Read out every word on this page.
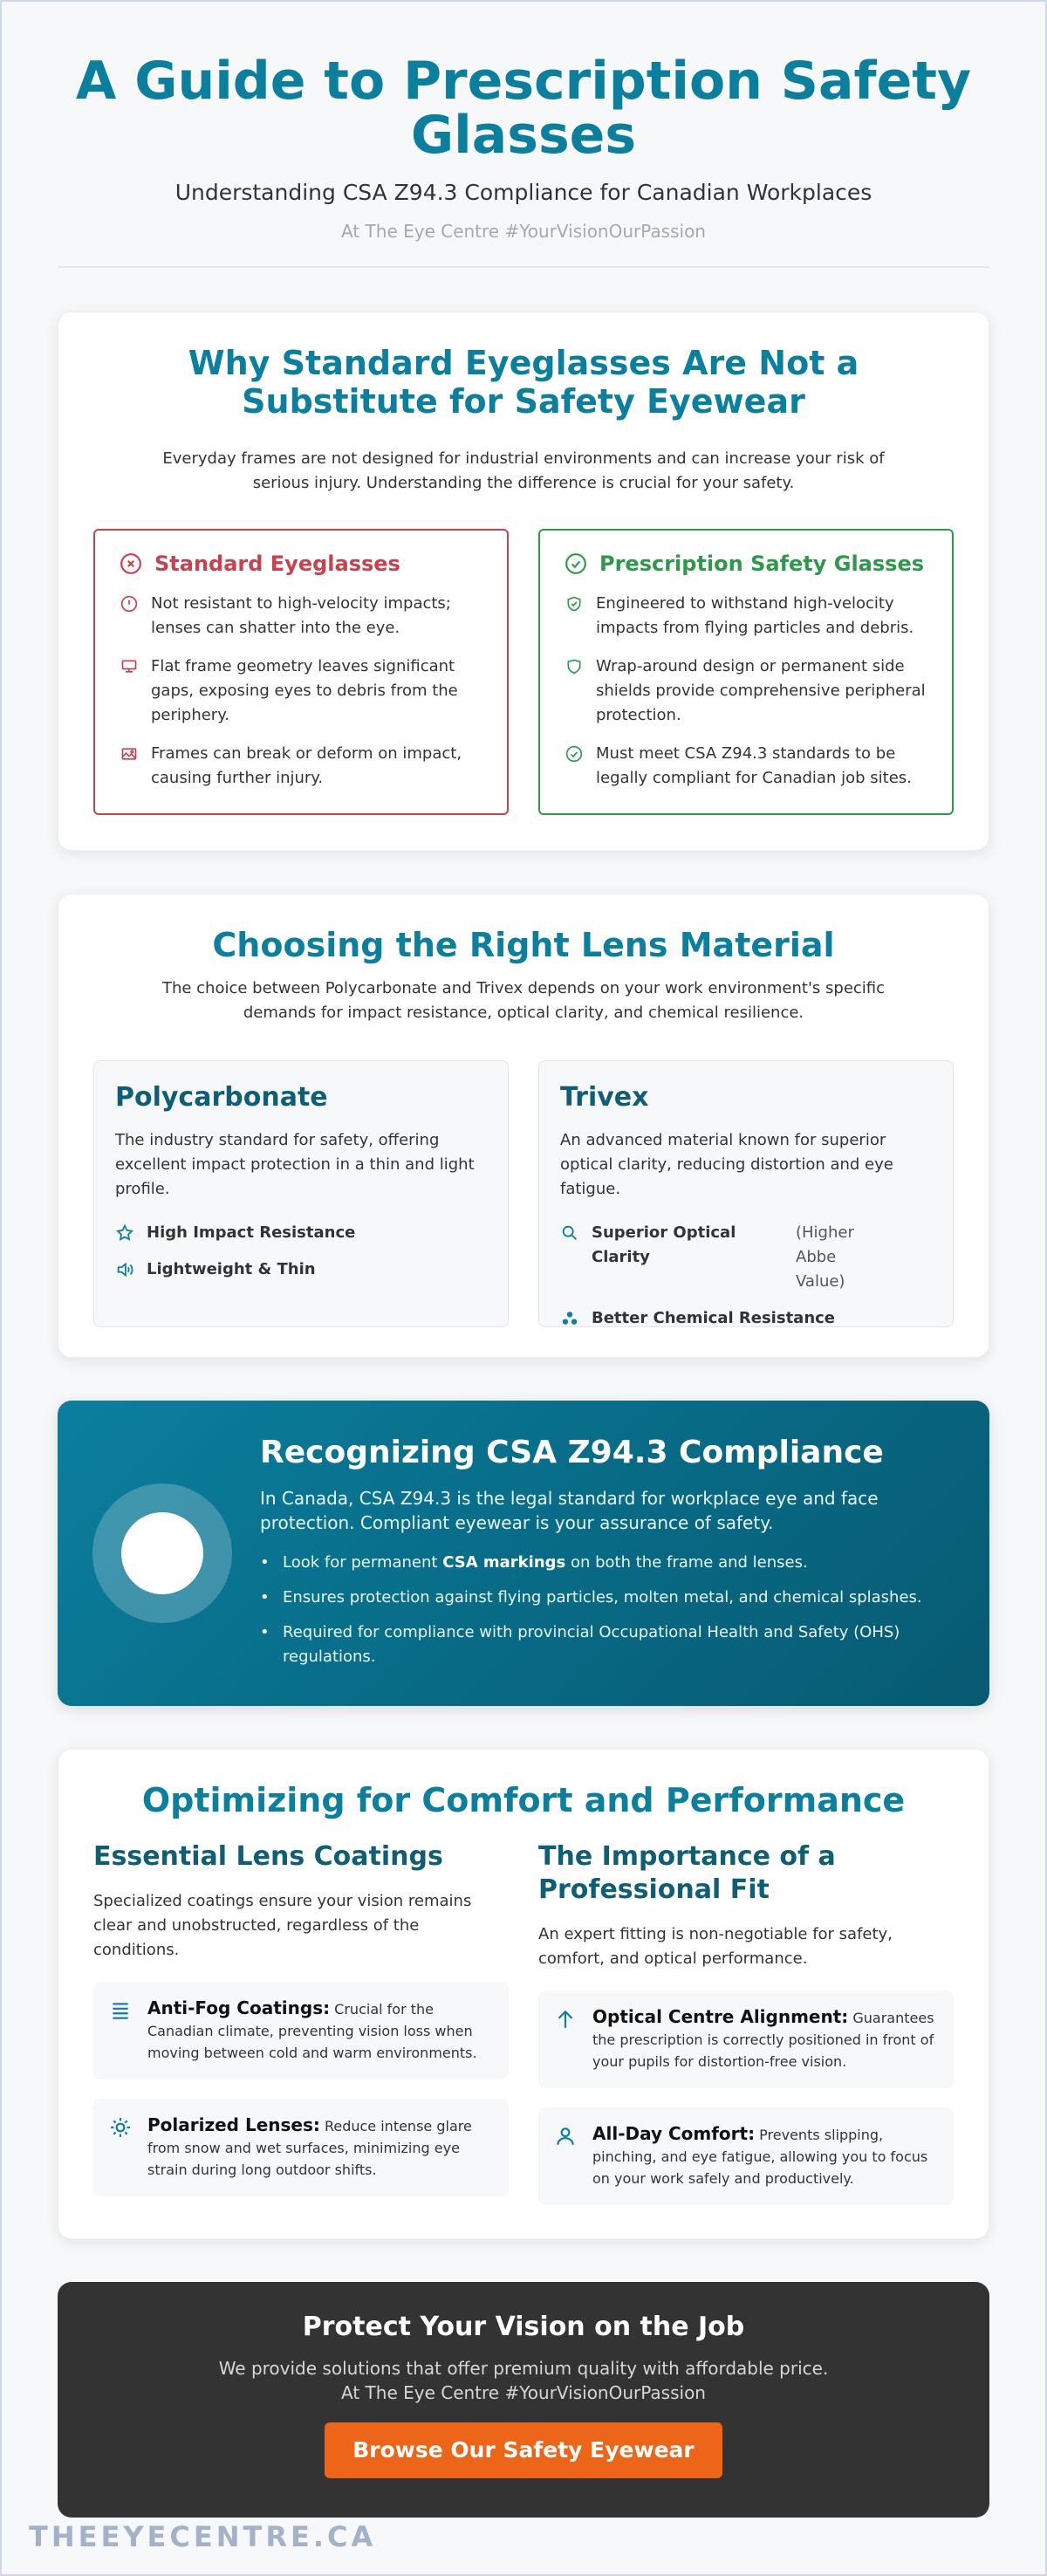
A Guide to Prescription Safety Glasses
Understanding CSA Z94.3 Compliance for Canadian Workplaces
At The Eye Centre #YourVisionOurPassion
Why Standard Eyeglasses Are Not a Substitute for Safety Eyewear

Everyday frames are not designed for industrial environments and can increase your risk of serious injury. Understanding the difference is crucial for your safety.

Standard Eyeglasses
Not resistant to high-velocity impacts; lenses can shatter into the eye.
Flat frame geometry leaves significant gaps, exposing eyes to debris from the periphery.
Frames can break or deform on impact, causing further injury.
Prescription Safety Glasses
Engineered to withstand high-velocity impacts from flying particles and debris.
Wrap-around design or permanent side shields provide comprehensive peripheral protection.
Must meet CSA Z94.3 standards to be legally compliant for Canadian job sites.
Choosing the Right Lens Material

The choice between Polycarbonate and Trivex depends on your work environment's specific demands for impact resistance, optical clarity, and chemical resilience.

Polycarbonate

The industry standard for safety, offering excellent impact protection in a thin and light profile.

High Impact Resistance
Lightweight & Thin
Trivex

An advanced material known for superior optical clarity, reducing distortion and eye fatigue.

Superior Optical Clarity
(Higher Abbe Value)
Better Chemical Resistance
Recognizing CSA Z94.3 Compliance

In Canada, CSA Z94.3 is the legal standard for workplace eye and face protection. Compliant eyewear is your assurance of safety.

• Look for permanent CSA markings on both the frame and lenses.
• Ensures protection against flying particles, molten metal, and chemical splashes.
• Required for compliance with provincial Occupational Health and Safety (OHS) regulations.
Optimizing for Comfort and Performance
Essential Lens Coatings

Specialized coatings ensure your vision remains clear and unobstructed, regardless of the conditions.

Anti-Fog Coatings: Crucial for the Canadian climate, preventing vision loss when moving between cold and warm environments.
Polarized Lenses: Reduce intense glare from snow and wet surfaces, minimizing eye strain during long outdoor shifts.
The Importance of a Professional Fit

An expert fitting is non-negotiable for safety, comfort, and optical performance.

Optical Centre Alignment: Guarantees the prescription is correctly positioned in front of your pupils for distortion-free vision.
All-Day Comfort: Prevents slipping, pinching, and eye fatigue, allowing you to focus on your work safely and productively.
Protect Your Vision on the Job
We provide solutions that offer premium quality with affordable price.
At The Eye Centre #YourVisionOurPassion
Browse Our Safety Eyewear
THEEYECENTRE.CA
